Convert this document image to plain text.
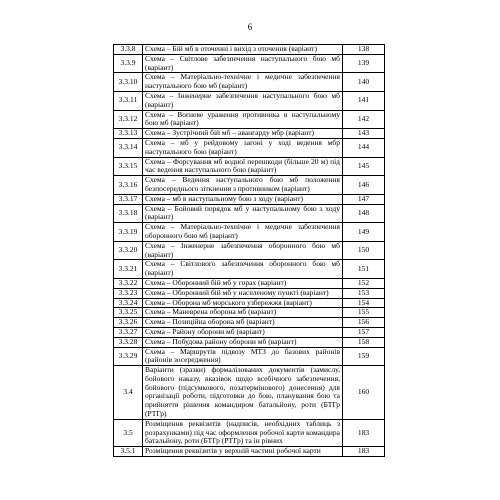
6
3.3.8	Схема – Бій мб в оточенні і вихід з оточення (варіант)	138
3.3.9	Схема – Світлове забезпечення наступального бою мб (варіант)	139
3.3.10	Схема – Матеріально-технічне і медичне забезпечення наступального бою мб (варіант)	140
3.3.11	Схема – Інженерне забезпечення наступального бою мб (варіант)	141
3.3.12	Схема – Вогневе ураження противника в наступальному бою мб (варіант)	142
3.3.13	Схема – Зустрічний бій мб – авангарду мбр (варіант)	143
3.3.14	Схема – мб у рейдовому загоні у ході ведення мбр наступального бою (варіант)	144
3.3.15	Схема – Форсування мб водної перешкоди (більше 20 м) під час ведення наступального бою (варіант)	145
3.3.16	Схема – Ведення наступального бою мб положення безпосереднього зіткнення з противником (варіант)	146
3.3.17	Схема – мб в наступальному бою з ходу (варіант)	147
3.3.18	Схема – Бойовий порядок мб у наступальному бою з ходу (варіант)	148
3.3.19	Схема – Матеріально-технічне і медичне забезпечення оборонного бою мб (варіант)	149
3.3.20	Схема – Інженерне забезпечення оборонного бою мб (варіант)	150
3.3.21	Схема – Світлового забезпечення оборонного бою мб (варіант)	151
3.3.22	Схема – Оборонний бій мб у горах (варіант)	152
3.3.23	Схема – Оборонний бій мб у населеному пункті (варіант)	153
3.3.24	Схема – Оборона мб морського узбережжя (варіант)	154
3.3.25	Схема – Маневрена оборона мб (варіант)	155
3.3.26	Схема – Позиційна оборона мб (варіант)	156
3.3.27	Схема – Району оборони мб (варіант)	157
3.3.28	Схема – Побудова району оборони мб (варіант)	158
3.3.29	Схема – Маршрутів підвозу МТЗ до базових районів (районів зосередження)	159
3.4	Варіанти (зразки) формалізованих документів (замислу, бойового наказу, вказівок щодо всебічного забезпечення, бойового (підсумкового, позатермінового) донесення) для організації роботи, підготовки до бою, планування бою та прийняття рішення командиром батальйону, роти (БТГр (РТГр)	160
3.5	Розміщення реквізитів (надписів, необхідних таблиць з розрахунками) під час оформлення робочої карти командира батальйону, роти (БТГр (РТГр) та ін рівних	183
3.5.1	Розміщення реквізитів у верхній частині робочої карти	183
